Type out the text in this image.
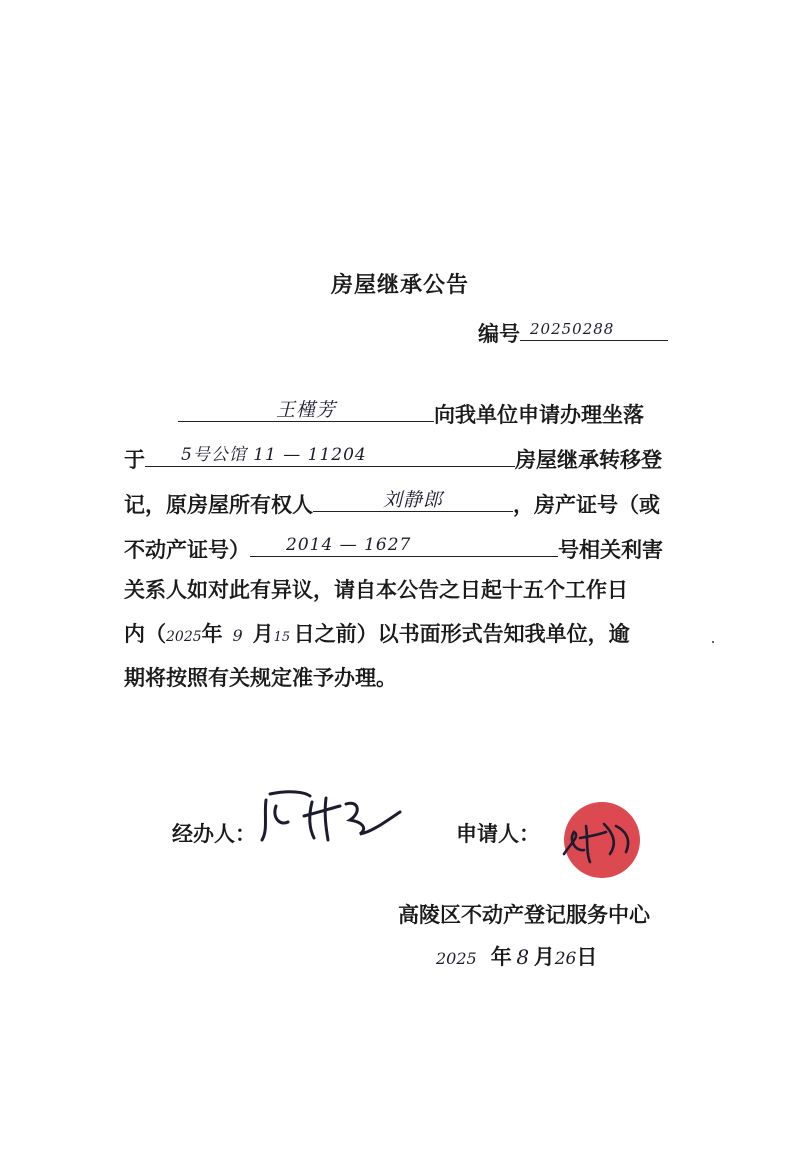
房屋继承公告
编号 20250288
王槿芳	向我单位申请办理坐落
于 5号公馆 11 — 11204	房屋继承转移登
记，原房屋所有权人	刘静郎	，房产证号（或
不动产证号） 2014 — 1627	号相关利害
关系人如对此有异议，请自本公告之日起十五个工作日
内（2025年 9 月15 日之前）以书面形式告知我单位，逾
期将按照有关规定准予办理。
经办人：	申请人：
高陵区不动产登记服务中心
2025 年 8 月26日
